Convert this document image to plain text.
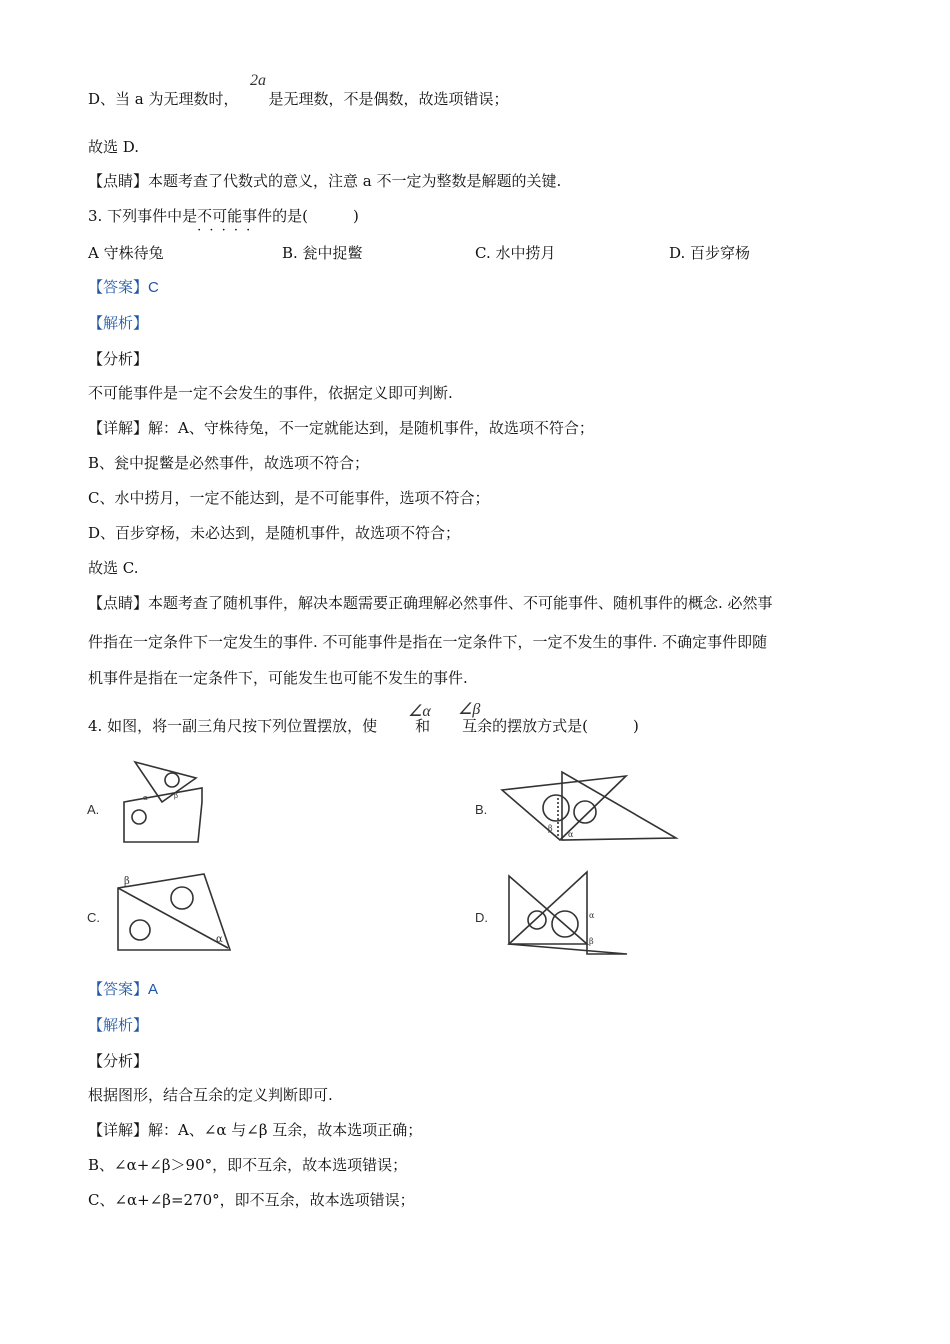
D、当 a 为无理数时， 是无理数，不是偶数，故选项错误；
2a
故选 D.
【点睛】本题考查了代数式的意义，注意 a 不一定为整数是解题的关键.
3. 下列事件中是不可能事件 · · ·的是(　　　)
A 守株待兔	B. 瓮中捉鳖	C. 水中捞月	D. 百步穿杨
【答案】C
【解析】
【分析】
不可能事件是一定不会发生的事件，依据定义即可判断.
【详解】解：A、守株待兔，不一定就能达到，是随机事件，故选项不符合；
B、瓮中捉鳖是必然事件，故选项不符合；
C、水中捞月，一定不能达到，是不可能事件，选项不符合；
D、百步穿杨，未必达到，是随机事件，故选项不符合；
故选 C.
【点睛】本题考查了随机事件，解决本题需要正确理解必然事件、不可能事件、随机事件的概念. 必然事
件指在一定条件下一定发生的事件. 不可能事件是指在一定条件下，一定不发生的事件. 不确定事件即随
机事件是指在一定条件下，可能发生也可能不发生的事件.
4. 如图，将一副三角尺按下列位置摆放，使	和 互余的摆放方式是(　　　)
∠α ∠β
A.
α	β
B.
β
α
C.
β
α
D.	α
β
【答案】A
【解析】
【分析】
根据图形，结合互余的定义判断即可.
【详解】解：A、∠α 与∠β 互余，故本选项正确；
B、∠α+∠β＞90°，即不互余，故本选项错误；
C、∠α+∠β=270°，即不互余，故本选项错误；
